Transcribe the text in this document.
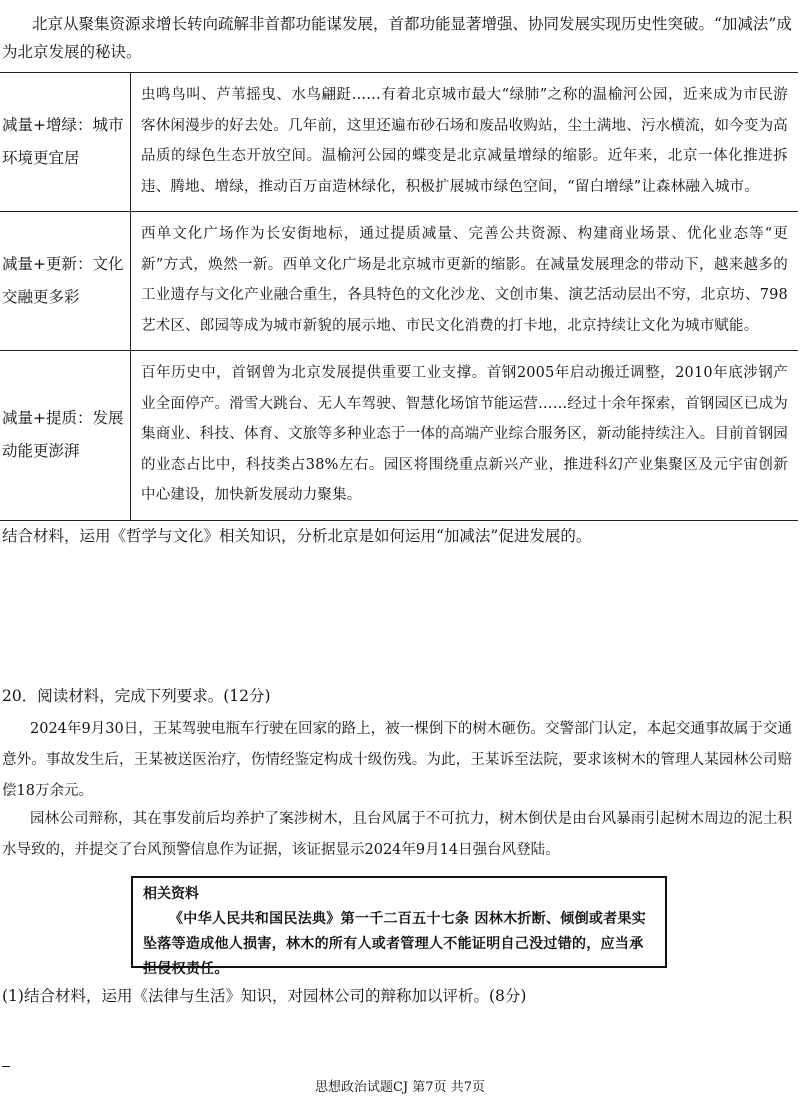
北京从聚集资源求增长转向疏解非首都功能谋发展，首都功能显著增强、协同发展实现历史性突破。“加减法”成为北京发展的秘诀。

减量+增绿：城市
环境更宜居	虫鸣鸟叫、芦苇摇曳、水鸟翩跹……有着北京城市最大“绿肺”之称的温榆河公园，近来成为市民游客休闲漫步的好去处。几年前，这里还遍布砂石场和废品收购站，尘土满地、污水横流，如今变为高品质的绿色生态开放空间。温榆河公园的蝶变是北京减量增绿的缩影。近年来，北京一体化推进拆违、腾地、增绿，推动百万亩造林绿化，积极扩展城市绿色空间，“留白增绿”让森林融入城市。

减量+更新：文化
交融更多彩	西单文化广场作为长安街地标，通过提质减量、完善公共资源、构建商业场景、优化业态等“更新”方式，焕然一新。西单文化广场是北京城市更新的缩影。在减量发展理念的带动下，越来越多的工业遗存与文化产业融合重生，各具特色的文化沙龙、文创市集、演艺活动层出不穷，北京坊、798艺术区、郎园等成为城市新貌的展示地、市民文化消费的打卡地，北京持续让文化为城市赋能。

减量+提质：发展
动能更澎湃	百年历史中，首钢曾为北京发展提供重要工业支撑。首钢2005年启动搬迁调整，2010年底涉钢产业全面停产。滑雪大跳台、无人车驾驶、智慧化场馆节能运营……经过十余年探索，首钢园区已成为集商业、科技、体育、文旅等多种业态于一体的高端产业综合服务区，新动能持续注入。目前首钢园的业态占比中，科技类占38%左右。园区将围绕重点新兴产业，推进科幻产业集聚区及元宇宙创新中心建设，加快新发展动力聚集。

结合材料，运用《哲学与文化》相关知识，分析北京是如何运用“加减法”促进发展的。

20．阅读材料，完成下列要求。(12分)

2024年9月30日，王某驾驶电瓶车行驶在回家的路上，被一棵倒下的树木砸伤。交警部门认定，本起交通事故属于交通意外。事故发生后，王某被送医治疗，伤情经鉴定构成十级伤残。为此，王某诉至法院，要求该树木的管理人某园林公司赔偿18万余元。

园林公司辩称，其在事发前后均养护了案涉树木，且台风属于不可抗力，树木倒伏是由台风暴雨引起树木周边的泥土积水导致的，并提交了台风预警信息作为证据，该证据显示2024年9月14日强台风登陆。

相关资料

《中华人民共和国民法典》第一千二百五十七条 因林木折断、倾倒或者果实坠落等造成他人损害，林木的所有人或者管理人不能证明自己没过错的，应当承担侵权责任。

(1)结合材料，运用《法律与生活》知识，对园林公司的辩称加以评析。(8分)

思想政治试题CJ 第7页 共7页
